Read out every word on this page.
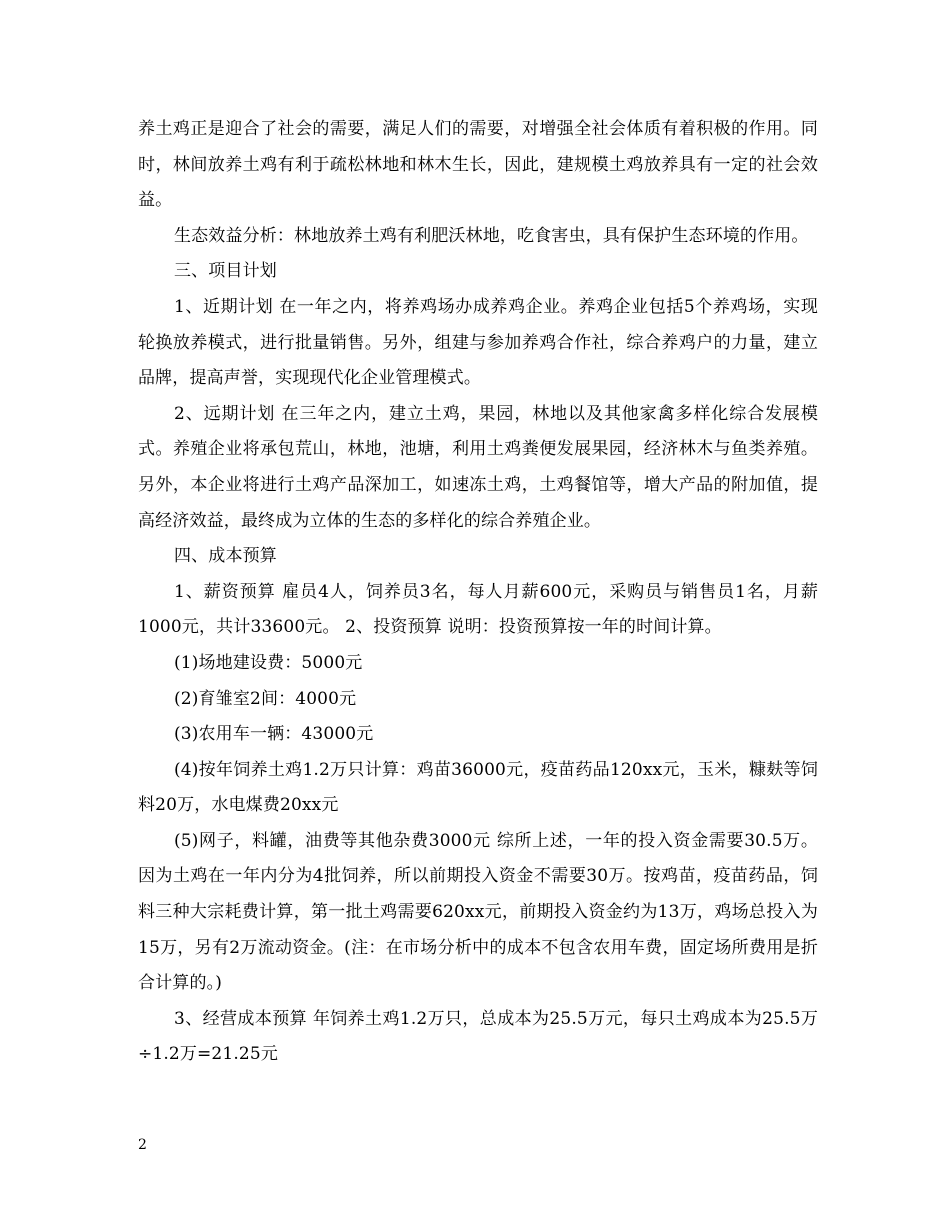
养土鸡正是迎合了社会的需要，满足人们的需要，对增强全社会体质有着积极的作用。同时，林间放养土鸡有利于疏松林地和林木生长，因此，建规模土鸡放养具有一定的社会效益。

生态效益分析：林地放养土鸡有利肥沃林地，吃食害虫，具有保护生态环境的作用。

三、项目计划

1、近期计划 在一年之内，将养鸡场办成养鸡企业。养鸡企业包括5个养鸡场，实现轮换放养模式，进行批量销售。另外，组建与参加养鸡合作社，综合养鸡户的力量，建立品牌，提高声誉，实现现代化企业管理模式。

2、远期计划 在三年之内，建立土鸡，果园，林地以及其他家禽多样化综合发展模式。养殖企业将承包荒山，林地，池塘，利用土鸡粪便发展果园，经济林木与鱼类养殖。另外，本企业将进行土鸡产品深加工，如速冻土鸡，土鸡餐馆等，增大产品的附加值，提高经济效益，最终成为立体的生态的多样化的综合养殖企业。

四、成本预算

1、薪资预算 雇员4人，饲养员3名，每人月薪600元，采购员与销售员1名，月薪1000元，共计33600元。 2、投资预算 说明：投资预算按一年的时间计算。

(1)场地建设费：5000元

(2)育雏室2间：4000元

(3)农用车一辆：43000元

(4)按年饲养土鸡1.2万只计算：鸡苗36000元，疫苗药品120xx元，玉米，糠麸等饲料20万，水电煤费20xx元

(5)网子，料罐，油费等其他杂费3000元 综所上述，一年的投入资金需要30.5万。因为土鸡在一年内分为4批饲养，所以前期投入资金不需要30万。按鸡苗，疫苗药品，饲料三种大宗耗费计算，第一批土鸡需要620xx元，前期投入资金约为13万，鸡场总投入为15万，另有2万流动资金。(注：在市场分析中的成本不包含农用车费，固定场所费用是折合计算的。)

3、经营成本预算 年饲养土鸡1.2万只，总成本为25.5万元，每只土鸡成本为25.5万÷1.2万=21.25元

2
